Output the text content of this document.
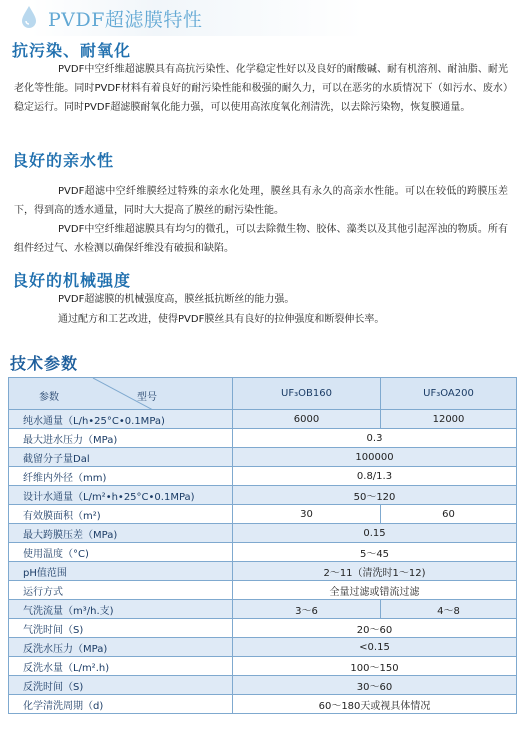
PVDF超滤膜特性
抗污染、耐氧化
PVDF中空纤维超滤膜具有高抗污染性、化学稳定性好以及良好的耐酸碱、耐有机溶剂、耐油脂、耐光老化等性能。同时PVDF材料有着良好的耐污染性能和极强的耐久力，可以在恶劣的水质情况下（如污水、废水）稳定运行。同时PVDF超滤膜耐氧化能力强，可以使用高浓度氧化剂清洗，以去除污染物，恢复膜通量。
良好的亲水性
PVDF超滤中空纤维膜经过特殊的亲水化处理，膜丝具有永久的高亲水性能。可以在较低的跨膜压差下，得到高的透水通量，同时大大提高了膜丝的耐污染性能。
PVDF中空纤维超滤膜具有均匀的微孔，可以去除微生物、胶体、藻类以及其他引起浑浊的物质。所有组件经过气、水检测以确保纤维没有破损和缺陷。
良好的机械强度
PVDF超滤膜的机械强度高，膜丝抵抗断丝的能力强。
通过配方和工艺改进，使得PVDF膜丝具有良好的拉伸强度和断裂伸长率。
技术参数
参数 型号	UF₃OB160	UF₃OA200
纯水通量（L/h•25°C•0.1MPa)	6000	12000
最大进水压力（MPa)	0.3	
截留分子量Dal	100000	
纤维内外径（mm)	0.8/1.3	
设计水通量（L/m²•h•25°C•0.1MPa)	50～120	
有效膜面积（m²)	30	60
最大跨膜压差（MPa)	0.15	
使用温度（°C)	5～45	
pH值范围	2～11（清洗时1～12)	
运行方式	全量过滤或错流过滤	
气洗流量（m³/h.支)	3～6	4～8
气洗时间（S)	20～60	
反洗水压力（MPa)	<0.15	
反洗水量（L/m².h)	100～150	
反洗时间（S)	30～60	
化学清洗周期（d)	60～180天或视具体情况	
